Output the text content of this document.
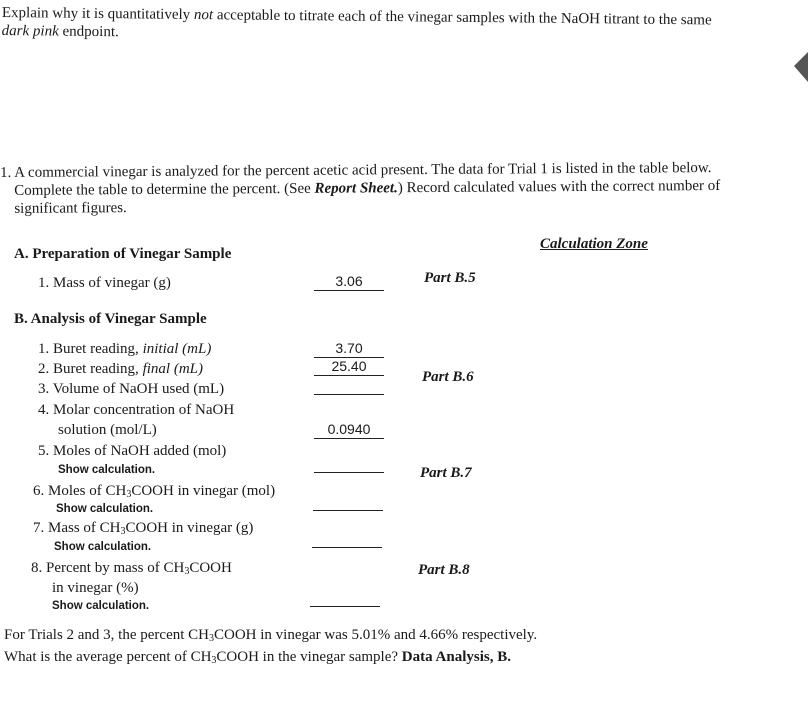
Explain why it is quantitatively not acceptable to titrate each of the vinegar samples with the NaOH titrant to the same
dark pink endpoint.
1. A commercial vinegar is analyzed for the percent acetic acid present. The data for Trial 1 is listed in the table below.
Complete the table to determine the percent. (See Report Sheet.) Record calculated values with the correct number of
significant figures.
Calculation Zone
A. Preparation of Vinegar Sample
1. Mass of vinegar (g)	3.06	Part B.5
B. Analysis of Vinegar Sample
1. Buret reading, initial (mL)	3.70
2. Buret reading, final (mL)	25.40
3. Volume of NaOH used (mL)
Part B.6
4. Molar concentration of NaOH
solution (mol/L)	0.0940
5. Moles of NaOH added (mol)
Show calculation.	Part B.7
6. Moles of $CH_3COOH$ in vinegar (mol)
Show calculation.
7. Mass of $CH_3COOH$ in vinegar (g)
Show calculation.
8. Percent by mass of $CH_3COOH$
in vinegar (%)
Show calculation.
Part B.8
For Trials 2 and 3, the percent $CH_3COOH$ in vinegar was 5.01% and 4.66% respectively.
What is the average percent of $CH_3COOH$ in the vinegar sample? Data Analysis, B.
